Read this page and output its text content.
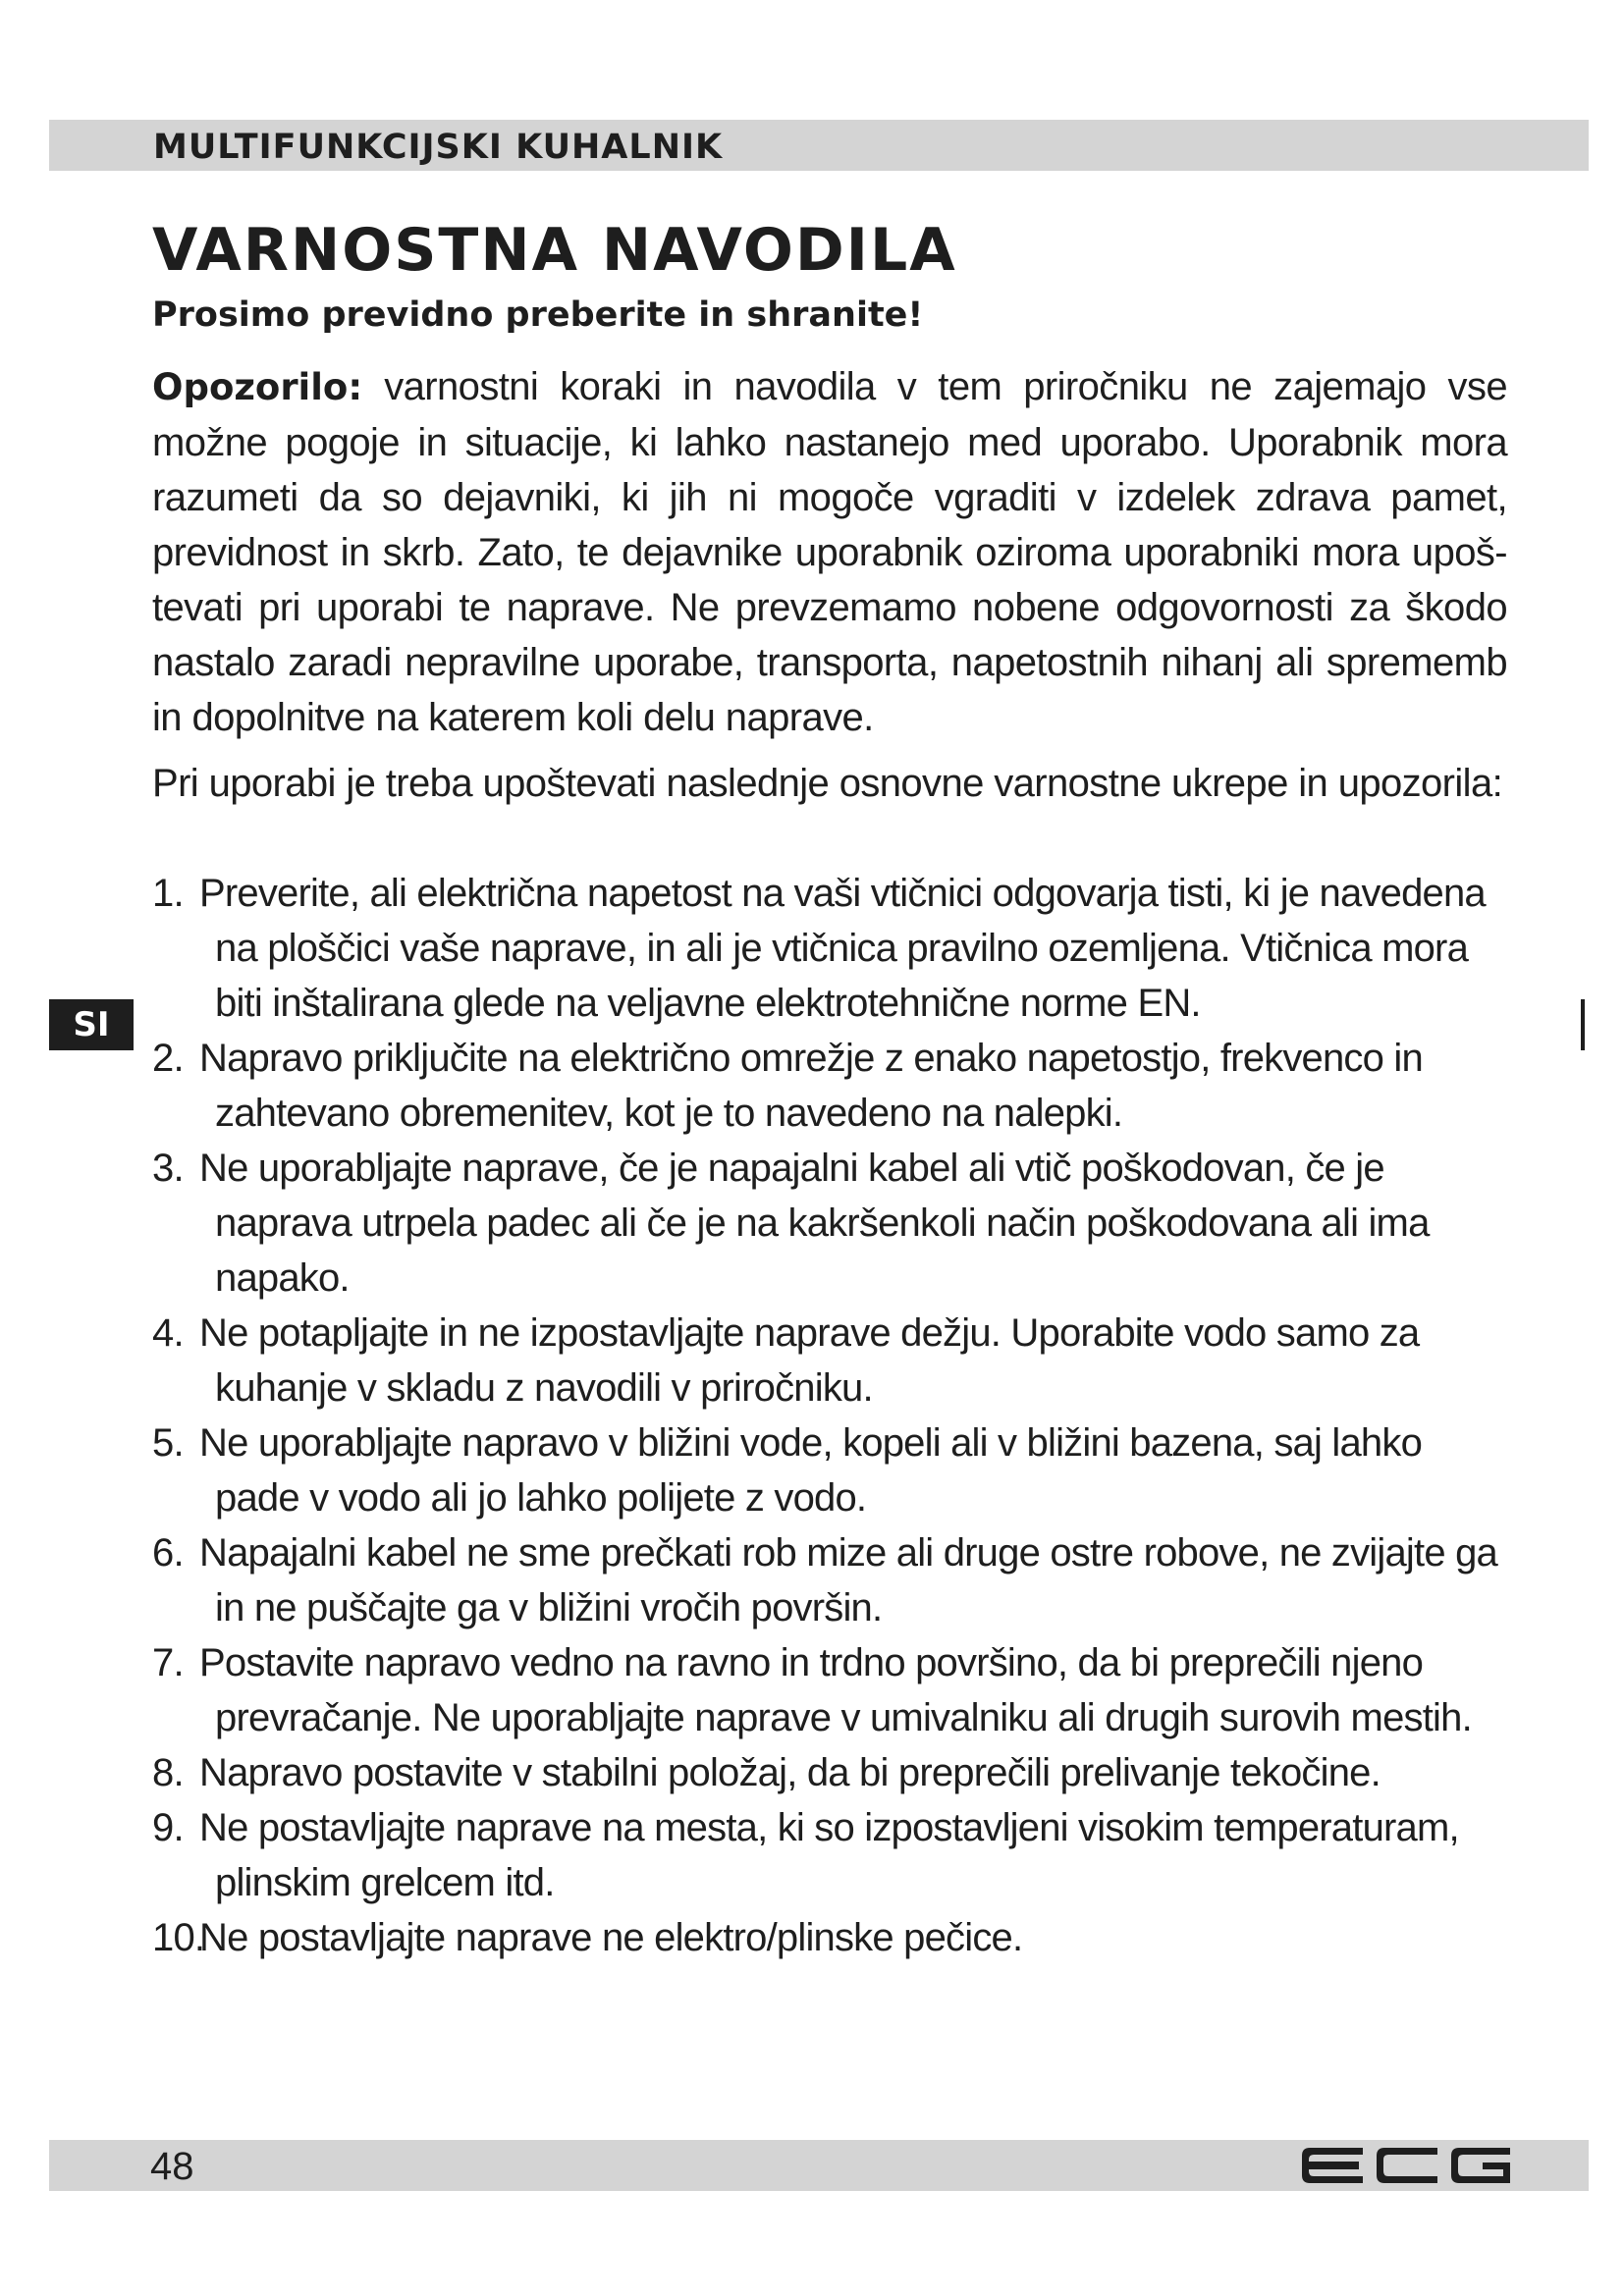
MULTIFUNKCIJSKI KUHALNIK
VARNOSTNA NAVODILA
Prosimo previdno preberite in shranite!

Opozorilo: varnostni koraki in navodila v tem priročniku ne zajemajo vse možne pogoje in situacije, ki lahko nastanejo med uporabo. Uporabnik mora razumeti da so dejavniki, ki jih ni mogoče vgraditi v izdelek zdrava pamet, previdnost in skrb. Zato, te dejavnike uporabnik oziroma uporabniki mora upoš-tevati pri uporabi te naprave. Ne prevzemamo nobene odgovornosti za škodo nastalo zaradi nepravilne uporabe, transporta, napetostnih nihanj ali sprememb in dopolnitve na katerem koli delu naprave.

Pri uporabi je treba upoštevati naslednje osnovne varnostne ukrepe in upozorila:

1. Preverite, ali električna napetost na vaši vtičnici odgovarja tisti, ki je navedena na ploščici vaše naprave, in ali je vtičnica pravilno ozemljena. Vtičnica mora biti inštalirana glede na veljavne elektrotehnične norme EN.
2. Napravo priključite na električno omrežje z enako napetostjo, frekvenco in zahtevano obremenitev, kot je to navedeno na nalepki.
3. Ne uporabljajte naprave, če je napajalni kabel ali vtič poškodovan, če je naprava utrpela padec ali če je na kakršenkoli način poškodovana ali ima napako.
4. Ne potapljajte in ne izpostavljajte naprave dežju. Uporabite vodo samo za kuhanje v skladu z navodili v priročniku.
5. Ne uporabljajte napravo v bližini vode, kopeli ali v bližini bazena, saj lahko pade v vodo ali jo lahko polijete z vodo.
6. Napajalni kabel ne sme prečkati rob mize ali druge ostre robove, ne zvijajte ga in ne puščajte ga v bližini vročih površin.
7. Postavite napravo vedno na ravno in trdno površino, da bi preprečili njeno prevračanje. Ne uporabljajte naprave v umivalniku ali drugih surovih mestih.
8. Napravo postavite v stabilni položaj, da bi preprečili prelivanje tekočine.
9. Ne postavljajte naprave na mesta, ki so izpostavljeni visokim temperaturam, plinskim grelcem itd.
10.Ne postavljajte naprave ne elektro/plinske pečice.
SI
48
